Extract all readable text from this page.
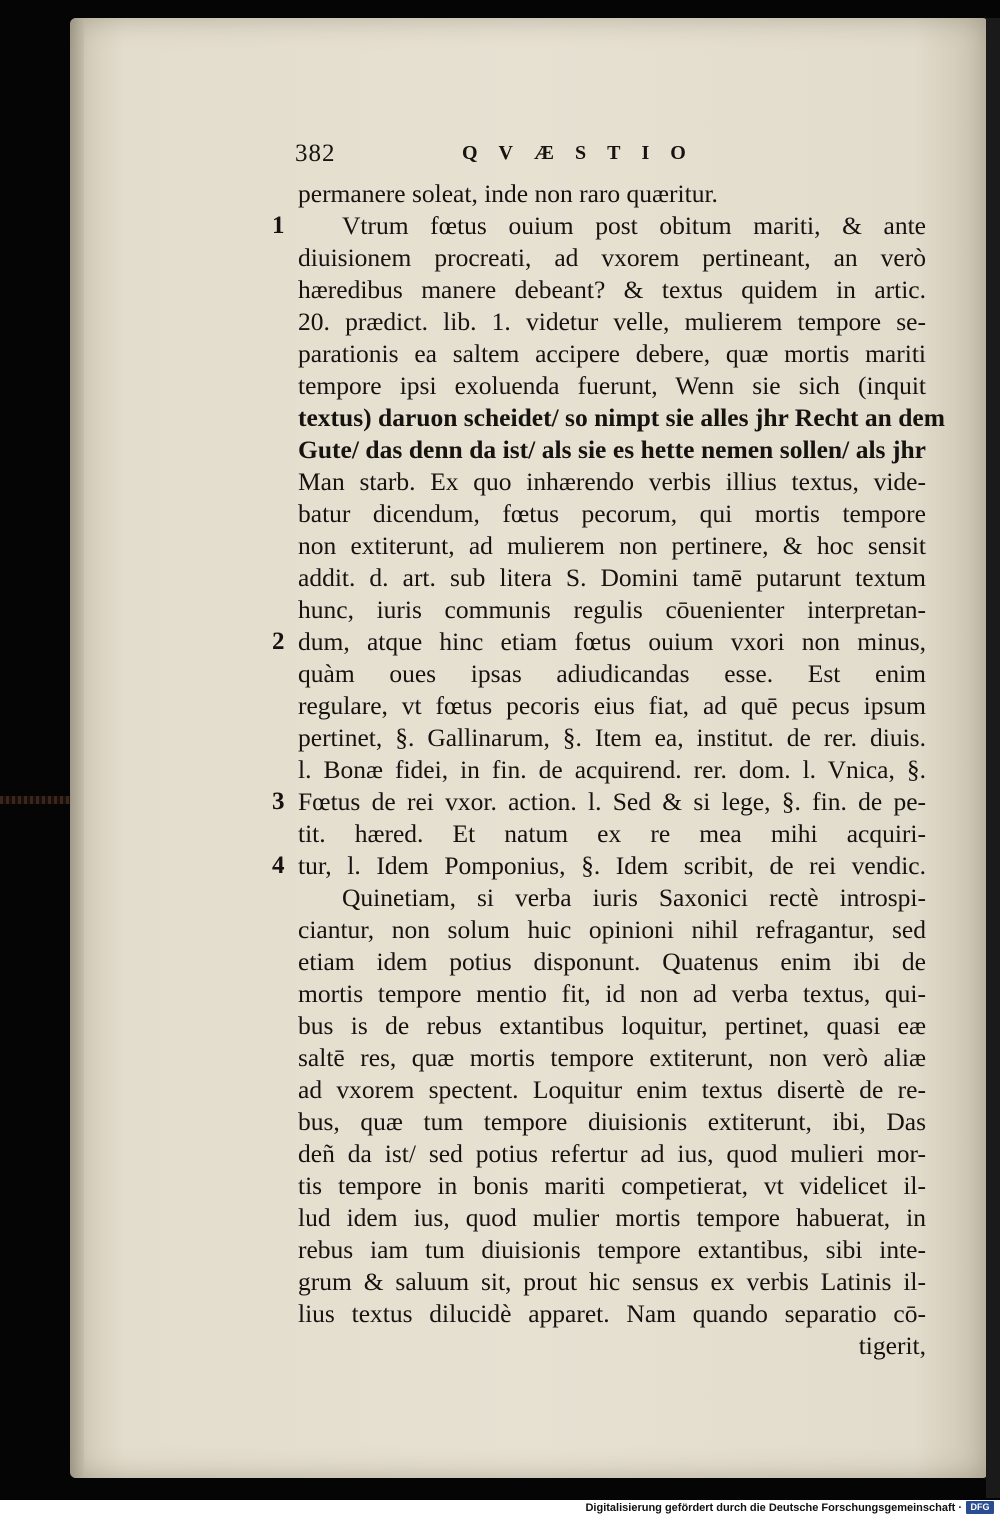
382	QVÆSTIO
permanere soleat, inde non raro quæritur.
Vtrum fœtus ouium post obitum mariti, & ante
diuisionem procreati, ad vxorem pertineant, an verò
hæredibus manere debeant? & textus quidem in artic.
20. prædict. lib. 1. videtur velle, mulierem tempore se-
parationis ea saltem accipere debere, quæ mortis mariti
tempore ipsi exoluenda fuerunt, Wenn sie sich (inquit
textus) daruon scheidet/ so nimpt sie alles jhr Recht an dem
Gute/ das denn da ist/ als sie es hette nemen sollen/ als jhr
Man starb. Ex quo inhærendo verbis illius textus, vide-
batur dicendum, fœtus pecorum, qui mortis tempore
non extiterunt, ad mulierem non pertinere, & hoc sensit
addit. d. art. sub litera S. Domini tamē putarunt textum
hunc, iuris communis regulis cōuenienter interpretan-
dum, atque hinc etiam fœtus ouium vxori non minus,
quàm oues ipsas adiudicandas esse. Est enim
regulare, vt fœtus pecoris eius fiat, ad quē pecus ipsum
pertinet, §. Gallinarum, §. Item ea, institut. de rer. diuis.
l. Bonæ fidei, in fin. de acquirend. rer. dom. l. Vnica, §.
Fœtus de rei vxor. action. l. Sed & si lege, §. fin. de pe-
tit. hæred. Et natum ex re mea mihi acquiri-
tur, l. Idem Pomponius, §. Idem scribit, de rei vendic.
Quinetiam, si verba iuris Saxonici rectè introspi-
ciantur, non solum huic opinioni nihil refragantur, sed
etiam idem potius disponunt. Quatenus enim ibi de
mortis tempore mentio fit, id non ad verba textus, qui-
bus is de rebus extantibus loquitur, pertinet, quasi eæ
saltē res, quæ mortis tempore extiterunt, non verò aliæ
ad vxorem spectent. Loquitur enim textus disertè de re-
bus, quæ tum tempore diuisionis extiterunt, ibi, Das
deñ da ist/ sed potius refertur ad ius, quod mulieri mor-
tis tempore in bonis mariti competierat, vt videlicet il-
lud idem ius, quod mulier mortis tempore habuerat, in
rebus iam tum diuisionis tempore extantibus, sibi inte-
grum & saluum sit, prout hic sensus ex verbis Latinis il-
lius textus dilucidè apparet. Nam quando separatio cō-
tigerit,
1
2
3
4
Digitalisierung gefördert durch die Deutsche Forschungsgemeinschaft · DFG
